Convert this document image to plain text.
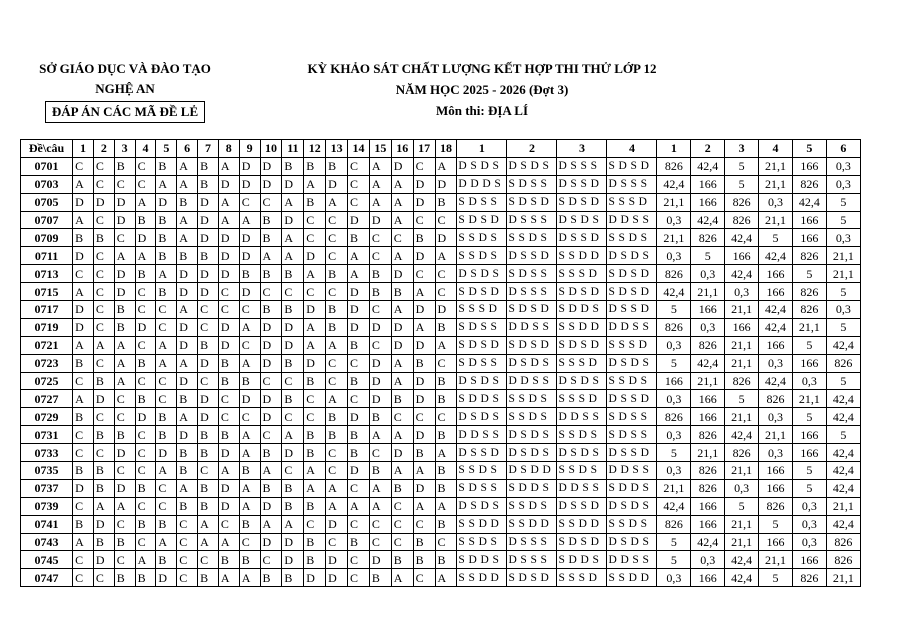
SỞ GIÁO DỤC VÀ ĐÀO TẠO
NGHỆ AN
ĐÁP ÁN CÁC MÃ ĐỀ LẺ
KỲ KHẢO SÁT CHẤT LƯỢNG KẾT HỢP THI THỬ LỚP 12
NĂM HỌC 2025 - 2026 (Đợt 3)
Môn thi: ĐỊA LÍ
Đề\câu	1	2	3	4	5	6	7	8	9	10	11	12	13	14	15	16	17	18	1	2	3	4	1	2	3	4	5	6
0701	C	C	B	C	B	A	B	A	D	D	B	B	B	C	A	D	C	A	D S D S	D S D S	D S S S	S D S D	826	42,4	5	21,1	166	0,3
0703	A	C	C	C	A	A	B	D	D	D	D	A	D	C	A	A	D	D	D D D S	S D S S	D S S D	D S S S	42,4	166	5	21,1	826	0,3
0705	D	D	D	A	D	B	D	A	C	C	A	B	A	C	A	A	D	B	S D S S	S D S D	S D S D	S S S D	21,1	166	826	0,3	42,4	5
0707	A	C	D	B	B	A	D	A	A	B	D	C	C	D	D	A	C	C	S D S D	D S S S	D S D S	D D S S	0,3	42,4	826	21,1	166	5
0709	B	B	C	D	B	A	D	D	D	B	A	C	C	B	C	C	B	D	S S D S	S S D S	D S S D	S S D S	21,1	826	42,4	5	166	0,3
0711	D	C	A	A	B	B	B	D	D	A	A	D	C	A	C	A	D	A	S S D S	D S S D	S S D D	D S D S	0,3	5	166	42,4	826	21,1
0713	C	C	D	B	A	D	D	D	B	B	B	A	B	A	B	D	C	C	D S D S	S D S S	S S S D	S D S D	826	0,3	42,4	166	5	21,1
0715	A	C	D	C	B	D	D	C	D	C	C	C	C	D	B	B	A	C	S D S D	D S S S	S D S D	S D S D	42,4	21,1	0,3	166	826	5
0717	D	C	B	C	C	A	C	C	C	B	B	D	B	D	C	A	D	D	S S S D	S D S D	S D D S	D S S D	5	166	21,1	42,4	826	0,3
0719	D	C	B	D	C	D	C	D	A	D	D	A	B	D	D	D	A	B	S D S S	D D S S	S S D D	D D S S	826	0,3	166	42,4	21,1	5
0721	A	A	A	C	A	D	B	D	C	D	D	A	A	B	C	D	D	A	S D S D	S D S D	S D S D	S S S D	0,3	826	21,1	166	5	42,4
0723	B	C	A	B	A	A	D	B	A	D	B	D	C	C	D	A	B	C	S D S S	D S D S	S S S D	D S D S	5	42,4	21,1	0,3	166	826
0725	C	B	A	C	C	D	C	B	B	C	C	B	C	B	D	A	D	B	D S D S	D D S S	D S D S	S S D S	166	21,1	826	42,4	0,3	5
0727	A	D	C	B	C	B	D	C	D	D	B	C	A	C	D	B	D	B	S D D S	S S D S	S S S D	D S S D	0,3	166	5	826	21,1	42,4
0729	B	C	C	D	B	A	D	C	C	D	C	C	B	D	B	C	C	C	D S D S	S S D S	D D S S	S D S S	826	166	21,1	0,3	5	42,4
0731	C	B	B	C	B	D	B	B	A	C	A	B	B	B	A	A	D	B	D D S S	D S D S	S S D S	S D S S	0,3	826	42,4	21,1	166	5
0733	C	C	D	C	D	B	B	D	A	B	D	B	C	B	C	D	B	A	D S S D	D S D S	D S D S	D S S D	5	21,1	826	0,3	166	42,4
0735	B	B	C	C	A	B	C	A	B	A	C	A	C	D	B	A	A	B	S S D S	D S D D	S S D S	D D S S	0,3	826	21,1	166	5	42,4
0737	D	B	D	B	C	A	B	D	A	B	B	A	A	C	A	B	D	B	S D S S	S D D S	D D S S	S D D S	21,1	826	0,3	166	5	42,4
0739	C	A	A	C	C	B	B	D	A	D	B	B	A	A	A	C	A	A	D S D S	S S D S	D S S D	D S D S	42,4	166	5	826	0,3	21,1
0741	B	D	C	B	B	C	A	C	B	A	A	C	D	C	C	C	C	B	S S D D	S S D D	S S D D	S S D S	826	166	21,1	5	0,3	42,4
0743	A	B	B	C	A	C	A	A	C	D	D	B	C	B	C	C	B	C	S S D S	D S S S	S D S D	D S D S	5	42,4	21,1	166	0,3	826
0745	C	D	C	A	B	C	C	B	B	C	D	B	D	C	D	B	B	B	S D D S	D S S S	S D D S	D D S S	5	0,3	42,4	21,1	166	826
0747	C	C	B	B	D	C	B	A	A	B	B	D	D	C	B	A	C	A	S S D D	S D S D	S S S D	S S D D	0,3	166	42,4	5	826	21,1
